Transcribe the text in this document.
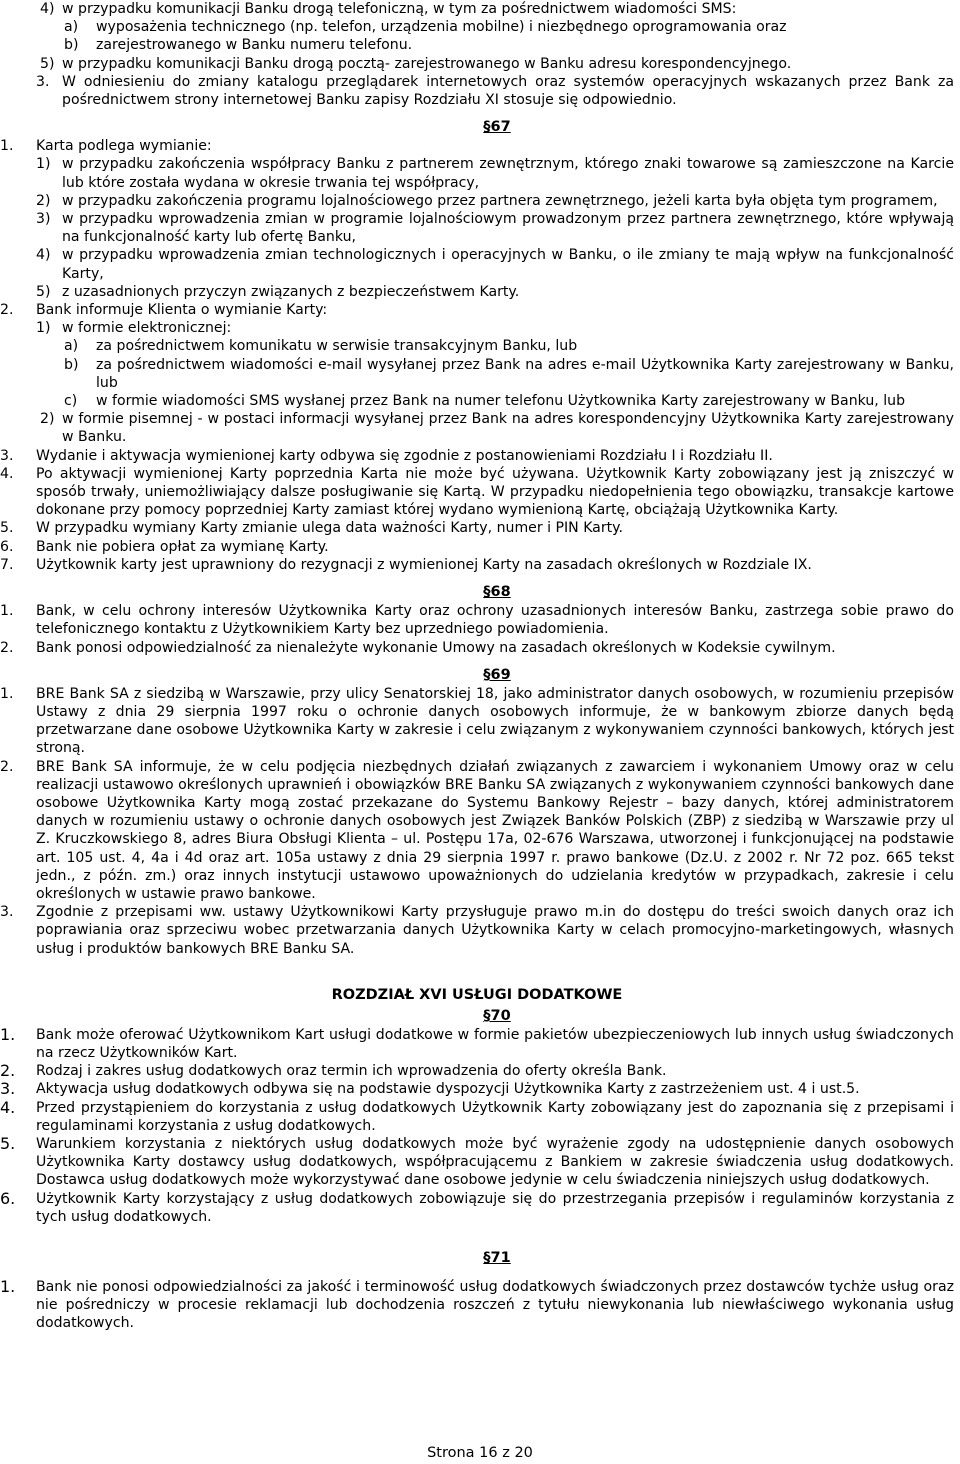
4) w przypadku komunikacji Banku drogą telefoniczną, w tym za pośrednictwem wiadomości SMS:
a) wyposażenia technicznego (np. telefon, urządzenia mobilne) i niezbędnego oprogramowania oraz
b) zarejestrowanego w Banku numeru telefonu.
5) w przypadku komunikacji Banku drogą pocztą- zarejestrowanego w Banku adresu korespondencyjnego.
3. W odniesieniu do zmiany katalogu przeglądarek internetowych oraz systemów operacyjnych wskazanych przez Bank za pośrednictwem strony internetowej Banku zapisy Rozdziału XI stosuje się odpowiednio.
§67
1. Karta podlega wymianie:
1) w przypadku zakończenia współpracy Banku z partnerem zewnętrznym, którego znaki towarowe są zamieszczone na Karcie lub które została wydana w okresie trwania tej współpracy,
2) w przypadku zakończenia programu lojalnościowego przez partnera zewnętrznego, jeżeli karta była objęta tym programem,
3) w przypadku wprowadzenia zmian w programie lojalnościowym prowadzonym przez partnera zewnętrznego, które wpływają na funkcjonalność karty lub ofertę Banku,
4) w przypadku wprowadzenia zmian technologicznych i operacyjnych w Banku, o ile zmiany te mają wpływ na funkcjonalność Karty,
5) z uzasadnionych przyczyn związanych z bezpieczeństwem Karty.
2. Bank informuje Klienta o wymianie Karty:
1) w formie elektronicznej:
a) za pośrednictwem komunikatu w serwisie transakcyjnym Banku, lub
b) za pośrednictwem wiadomości e-mail wysyłanej przez Bank na adres e-mail Użytkownika Karty zarejestrowany w Banku, lub
c) w formie wiadomości SMS wysłanej przez Bank na numer telefonu Użytkownika Karty zarejestrowany w Banku, lub
2) w formie pisemnej - w postaci informacji wysyłanej przez Bank na adres korespondencyjny Użytkownika Karty zarejestrowany w Banku.
3. Wydanie i aktywacja wymienionej karty odbywa się zgodnie z postanowieniami Rozdziału I i Rozdziału II.
4. Po aktywacji wymienionej Karty poprzednia Karta nie może być używana. Użytkownik Karty zobowiązany jest ją zniszczyć w sposób trwały, uniemożliwiający dalsze posługiwanie się Kartą. W przypadku niedopełnienia tego obowiązku, transakcje kartowe dokonane przy pomocy poprzedniej Karty zamiast której wydano wymienioną Kartę, obciążają Użytkownika Karty.
5. W przypadku wymiany Karty zmianie ulega data ważności Karty, numer i PIN Karty.
6. Bank nie pobiera opłat za wymianę Karty.
7. Użytkownik karty jest uprawniony do rezygnacji z wymienionej Karty na zasadach określonych w Rozdziale IX.
§68
1. Bank, w celu ochrony interesów Użytkownika Karty oraz ochrony uzasadnionych interesów Banku, zastrzega sobie prawo do telefonicznego kontaktu z Użytkownikiem Karty bez uprzedniego powiadomienia.
2. Bank ponosi odpowiedzialność za nienależyte wykonanie Umowy na zasadach określonych w Kodeksie cywilnym.
§69
1. BRE Bank SA z siedzibą w Warszawie, przy ulicy Senatorskiej 18, jako administrator danych osobowych, w rozumieniu przepisów Ustawy z dnia 29 sierpnia 1997 roku o ochronie danych osobowych informuje, że w bankowym zbiorze danych będą przetwarzane dane osobowe Użytkownika Karty w zakresie i celu związanym z wykonywaniem czynności bankowych, których jest stroną.
2. BRE Bank SA informuje, że w celu podjęcia niezbędnych działań związanych z zawarciem i wykonaniem Umowy oraz w celu realizacji ustawowo określonych uprawnień i obowiązków BRE Banku SA związanych z wykonywaniem czynności bankowych dane osobowe Użytkownika Karty mogą zostać przekazane do Systemu Bankowy Rejestr – bazy danych, której administratorem danych w rozumieniu ustawy o ochronie danych osobowych jest Związek Banków Polskich (ZBP) z siedzibą w Warszawie przy ul Z. Kruczkowskiego 8, adres Biura Obsługi Klienta – ul. Postępu 17a, 02-676 Warszawa, utworzonej i funkcjonującej na podstawie art. 105 ust. 4, 4a i 4d oraz art. 105a ustawy z dnia 29 sierpnia 1997 r. prawo bankowe (Dz.U. z 2002 r. Nr 72 poz. 665 tekst jedn., z późn. zm.) oraz innych instytucji ustawowo upoważnionych do udzielania kredytów w przypadkach, zakresie i celu określonych w ustawie prawo bankowe.
3. Zgodnie z przepisami ww. ustawy Użytkownikowi Karty przysługuje prawo m.in do dostępu do treści swoich danych oraz ich poprawiania oraz sprzeciwu wobec przetwarzania danych Użytkownika Karty w celach promocyjno-marketingowych, własnych usług i produktów bankowych BRE Banku SA.
ROZDZIAŁ XVI USŁUGI DODATKOWE
§70
1. Bank może oferować Użytkownikom Kart usługi dodatkowe w formie pakietów ubezpieczeniowych lub innych usług świadczonych na rzecz Użytkowników Kart.
2. Rodzaj i zakres usług dodatkowych oraz termin ich wprowadzenia do oferty określa Bank.
3. Aktywacja usług dodatkowych odbywa się na podstawie dyspozycji Użytkownika Karty z zastrzeżeniem ust. 4 i ust.5.
4. Przed przystąpieniem do korzystania z usług dodatkowych Użytkownik Karty zobowiązany jest do zapoznania się z przepisami i regulaminami korzystania z usług dodatkowych.
5. Warunkiem korzystania z niektórych usług dodatkowych może być wyrażenie zgody na udostępnienie danych osobowych Użytkownika Karty dostawcy usług dodatkowych, współpracującemu z Bankiem w zakresie świadczenia usług dodatkowych. Dostawca usług dodatkowych może wykorzystywać dane osobowe jedynie w celu świadczenia niniejszych usług dodatkowych.
6. Użytkownik Karty korzystający z usług dodatkowych zobowiązuje się do przestrzegania przepisów i regulaminów korzystania z tych usług dodatkowych.
§71
1. Bank nie ponosi odpowiedzialności za jakość i terminowość usług dodatkowych świadczonych przez dostawców tychże usług oraz nie pośredniczy w procesie reklamacji lub dochodzenia roszczeń z tytułu niewykonania lub niewłaściwego wykonania usług dodatkowych.
Strona 16 z 20
